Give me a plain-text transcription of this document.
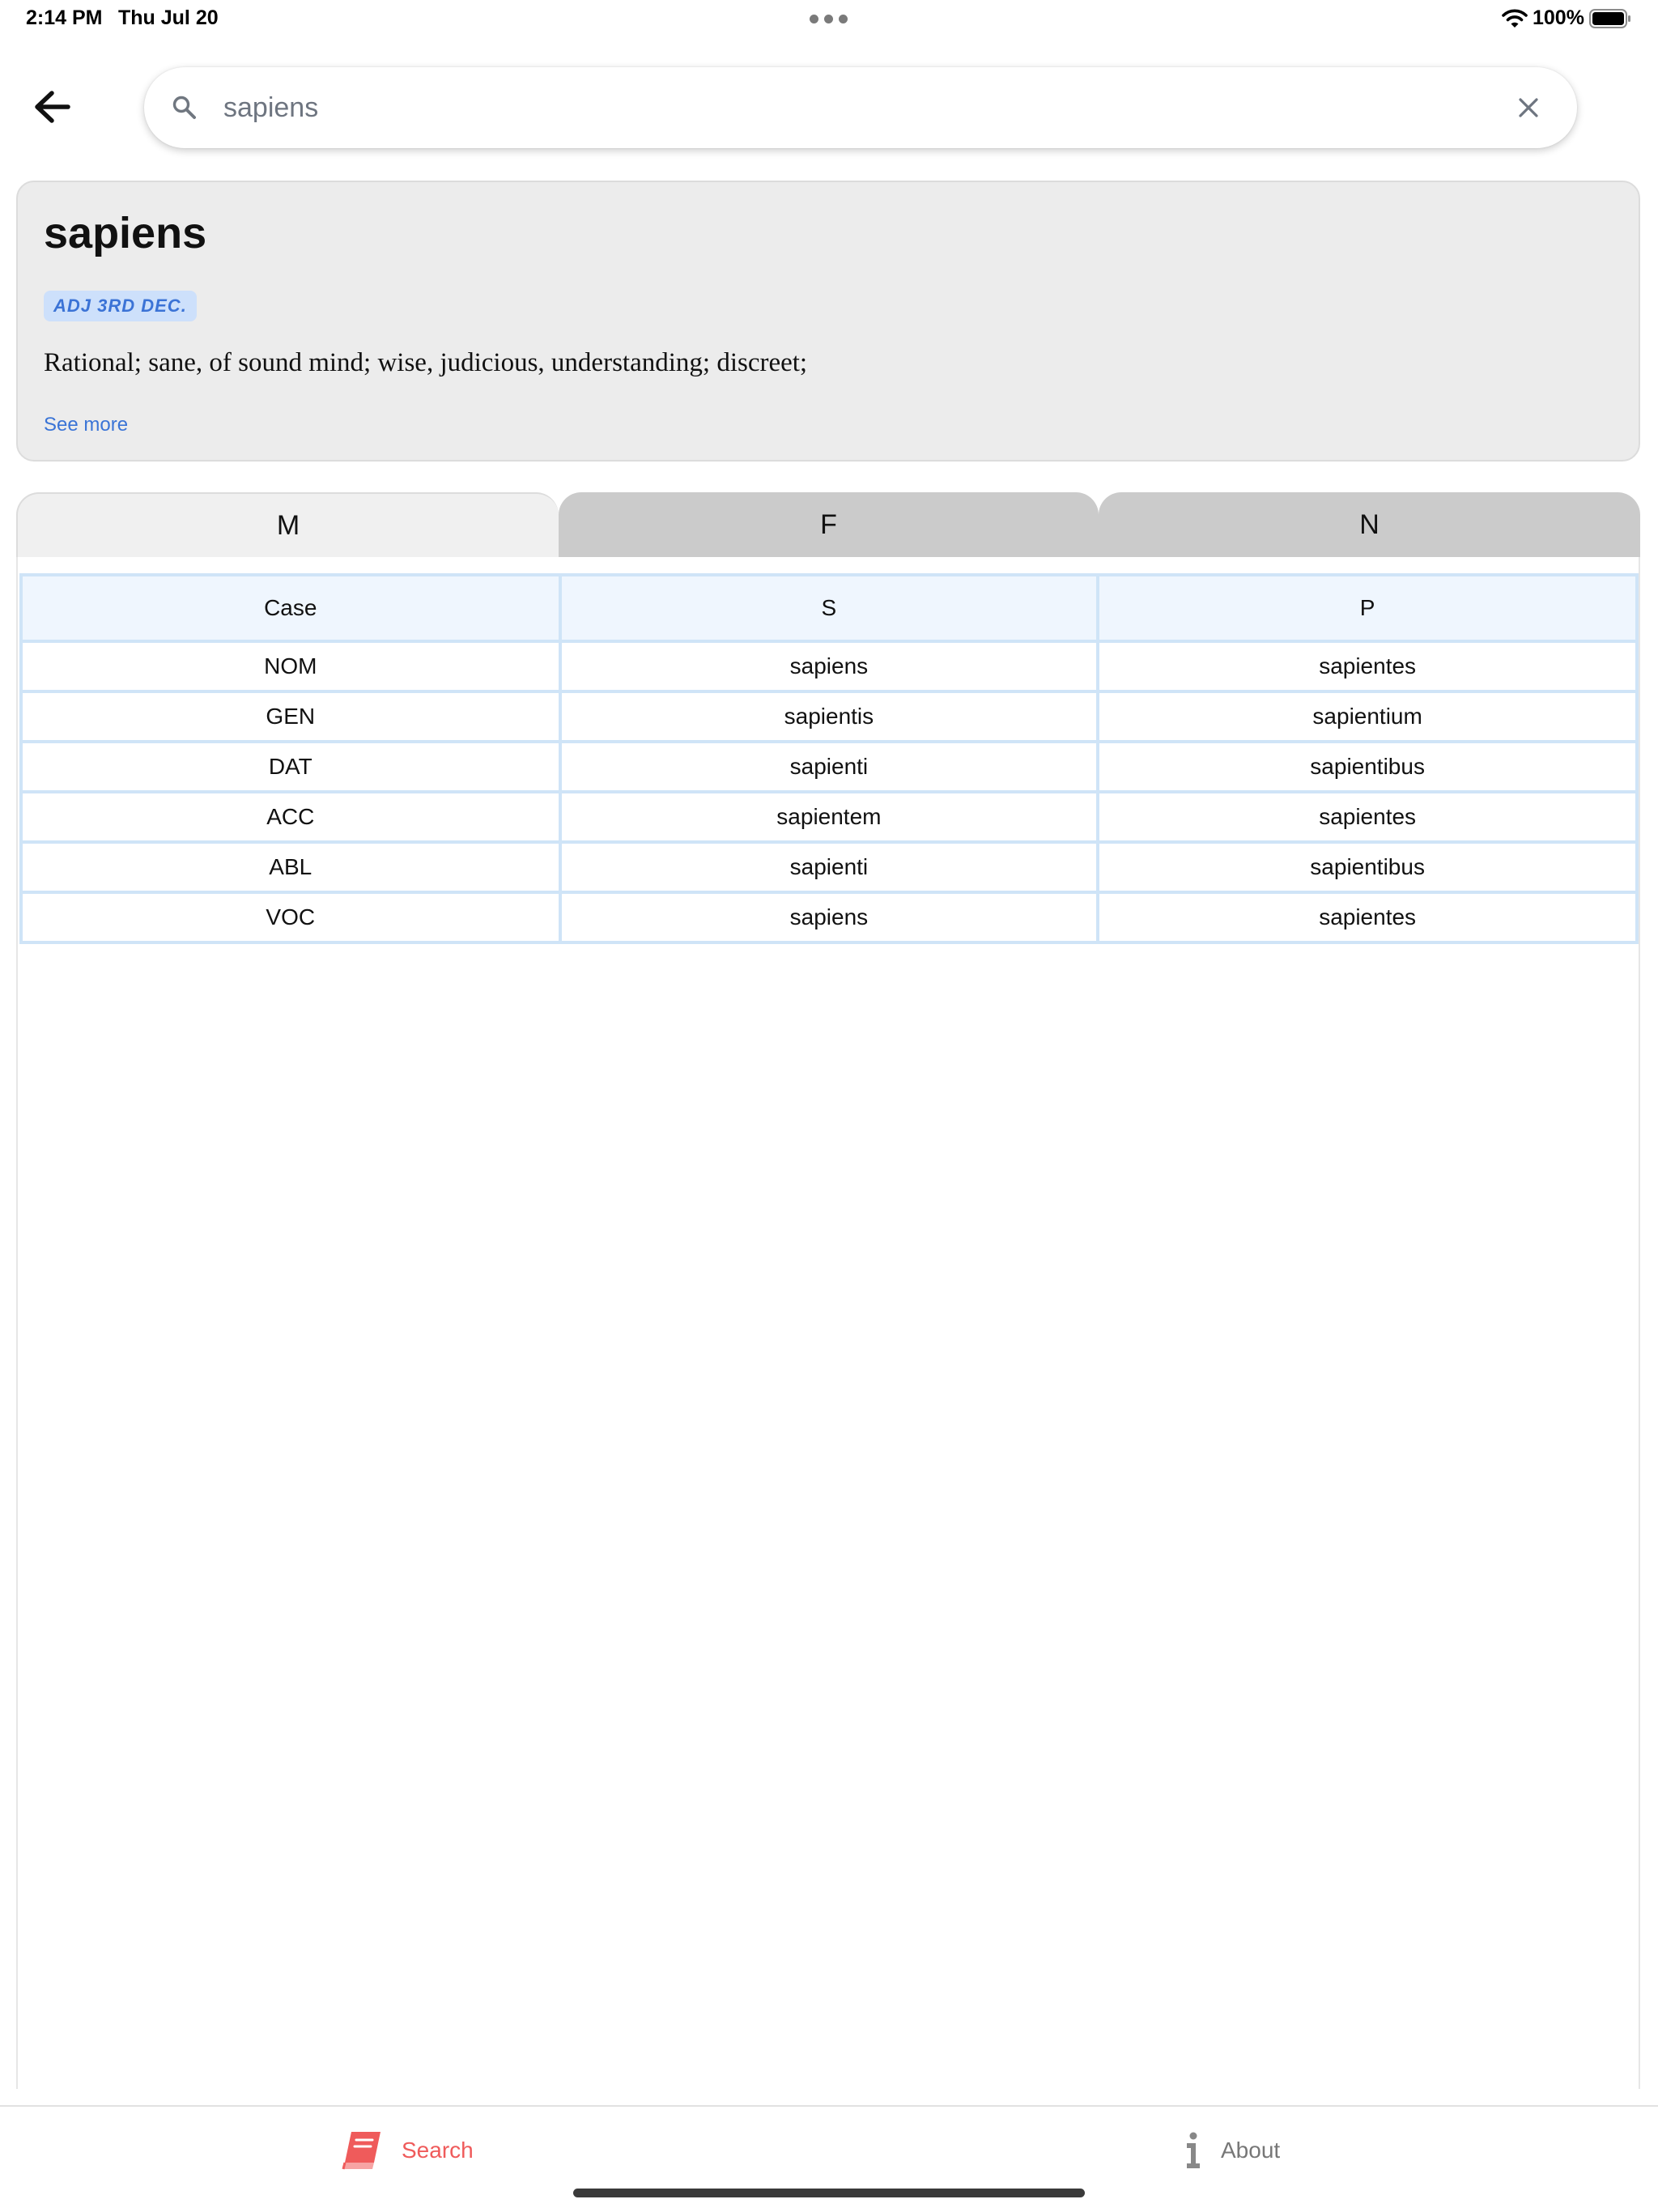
2:14 PM Thu Jul 20	100%
sapiens
sapiens
ADJ 3RD DEC.
Rational; sane, of sound mind; wise, judicious, understanding; discreet;
See more
M	F	N
Case	S	P
NOM	sapiens	sapientes
GEN	sapientis	sapientium
DAT	sapienti	sapientibus
ACC	sapientem	sapientes
ABL	sapienti	sapientibus
VOC	sapiens	sapientes
Search	About
